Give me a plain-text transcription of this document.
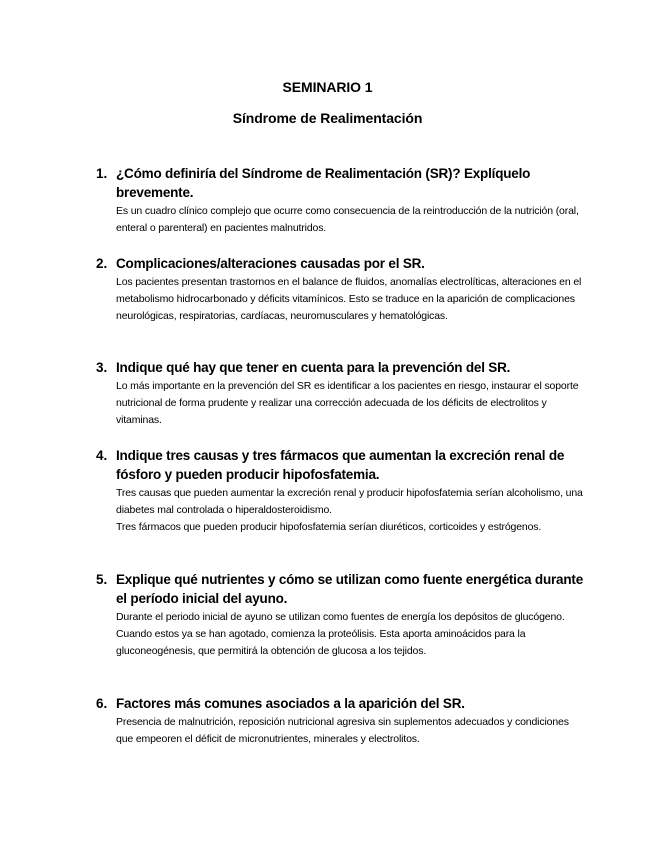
SEMINARIO 1
Síndrome de Realimentación
1. ¿Cómo definiría del Síndrome de Realimentación (SR)? Explíquelo brevemente.

Es un cuadro clínico complejo que ocurre como consecuencia de la reintroducción de la nutrición (oral, enteral o parenteral) en pacientes malnutridos.

2. Complicaciones/alteraciones causadas por el SR.

Los pacientes presentan trastornos en el balance de fluidos, anomalías electrolíticas, alteraciones en el metabolismo hidrocarbonado y déficits vitamínicos. Esto se traduce en la aparición de complicaciones neurológicas, respiratorias, cardíacas, neuromusculares y hematológicas.

3. Indique qué hay que tener en cuenta para la prevención del SR.

Lo más importante en la prevención del SR es identificar a los pacientes en riesgo, instaurar el soporte nutricional de forma prudente y realizar una corrección adecuada de los déficits de electrolitos y vitaminas.

4. Indique tres causas y tres fármacos que aumentan la excreción renal de fósforo y pueden producir hipofosfatemia.

Tres causas que pueden aumentar la excreción renal y producir hipofosfatemia serían alcoholismo, una diabetes mal controlada o hiperaldosteroidismo.

Tres fármacos que pueden producir hipofosfatemia serían diuréticos, corticoides y estrógenos.

5. Explique qué nutrientes y cómo se utilizan como fuente energética durante el período inicial del ayuno.

Durante el periodo inicial de ayuno se utilizan como fuentes de energía los depósitos de glucógeno. Cuando estos ya se han agotado, comienza la proteólisis. Esta aporta aminoácidos para la gluconeogénesis, que permitirá la obtención de glucosa a los tejidos.

6. Factores más comunes asociados a la aparición del SR.

Presencia de malnutrición, reposición nutricional agresiva sin suplementos adecuados y condiciones que empeoren el déficit de micronutrientes, minerales y electrolitos.
